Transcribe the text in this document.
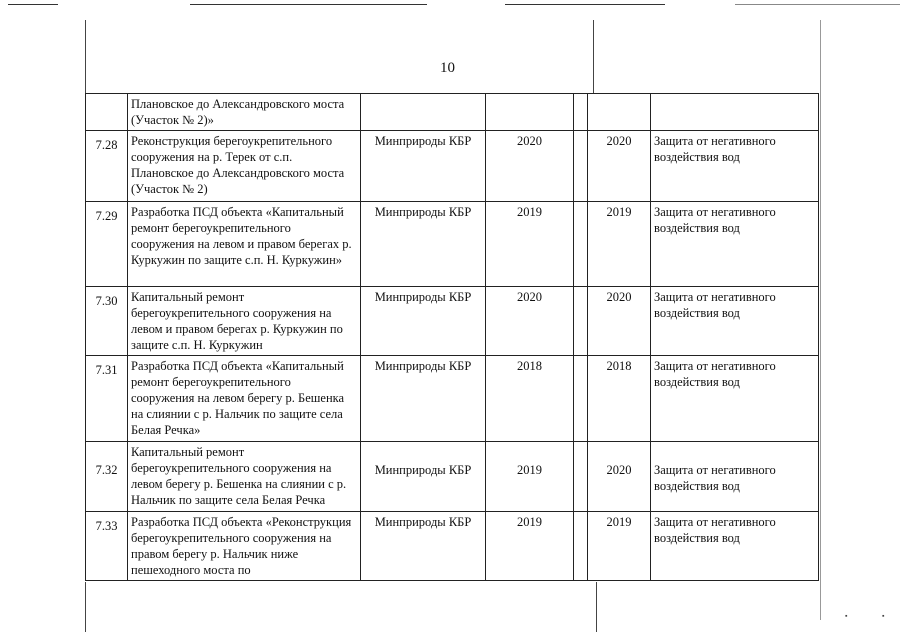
10
	Плановское до Александровского моста (Участок № 2)»					
7.28	Реконструкция берегоукрепительного сооружения на р. Терек от с.п. Плановское до Александровского моста (Участок № 2)	Минприроды КБР	2020		2020	Защита от негативного воздействия вод
7.29	Разработка ПСД объекта «Капитальный ремонт берегоукрепительного сооружения на левом и правом берегах р. Куркужин по защите с.п. Н. Куркужин»	Минприроды КБР	2019		2019	Защита от негативного воздействия вод
7.30	Капитальный ремонт берегоукрепительного сооружения на левом и правом берегах р. Куркужин по защите с.п. Н. Куркужин	Минприроды КБР	2020		2020	Защита от негативного воздействия вод
7.31	Разработка ПСД объекта «Капитальный ремонт берегоукрепительного сооружения на левом берегу р. Бешенка на слиянии с р. Нальчик по защите села Белая Речка»	Минприроды КБР	2018		2018	Защита от негативного воздействия вод
7.32	Капитальный ремонт берегоукрепительного сооружения на левом берегу р. Бешенка на слиянии с р. Нальчик по защите села Белая Речка	Минприроды КБР	2019		2020	Защита от негативного воздействия вод
7.33	Разработка ПСД объекта «Реконструкция берегоукрепительного сооружения на правом берегу р. Нальчик ниже пешеходного моста по	Минприроды КБР	2019		2019	Защита от негативного воздействия вод
▪	▪
